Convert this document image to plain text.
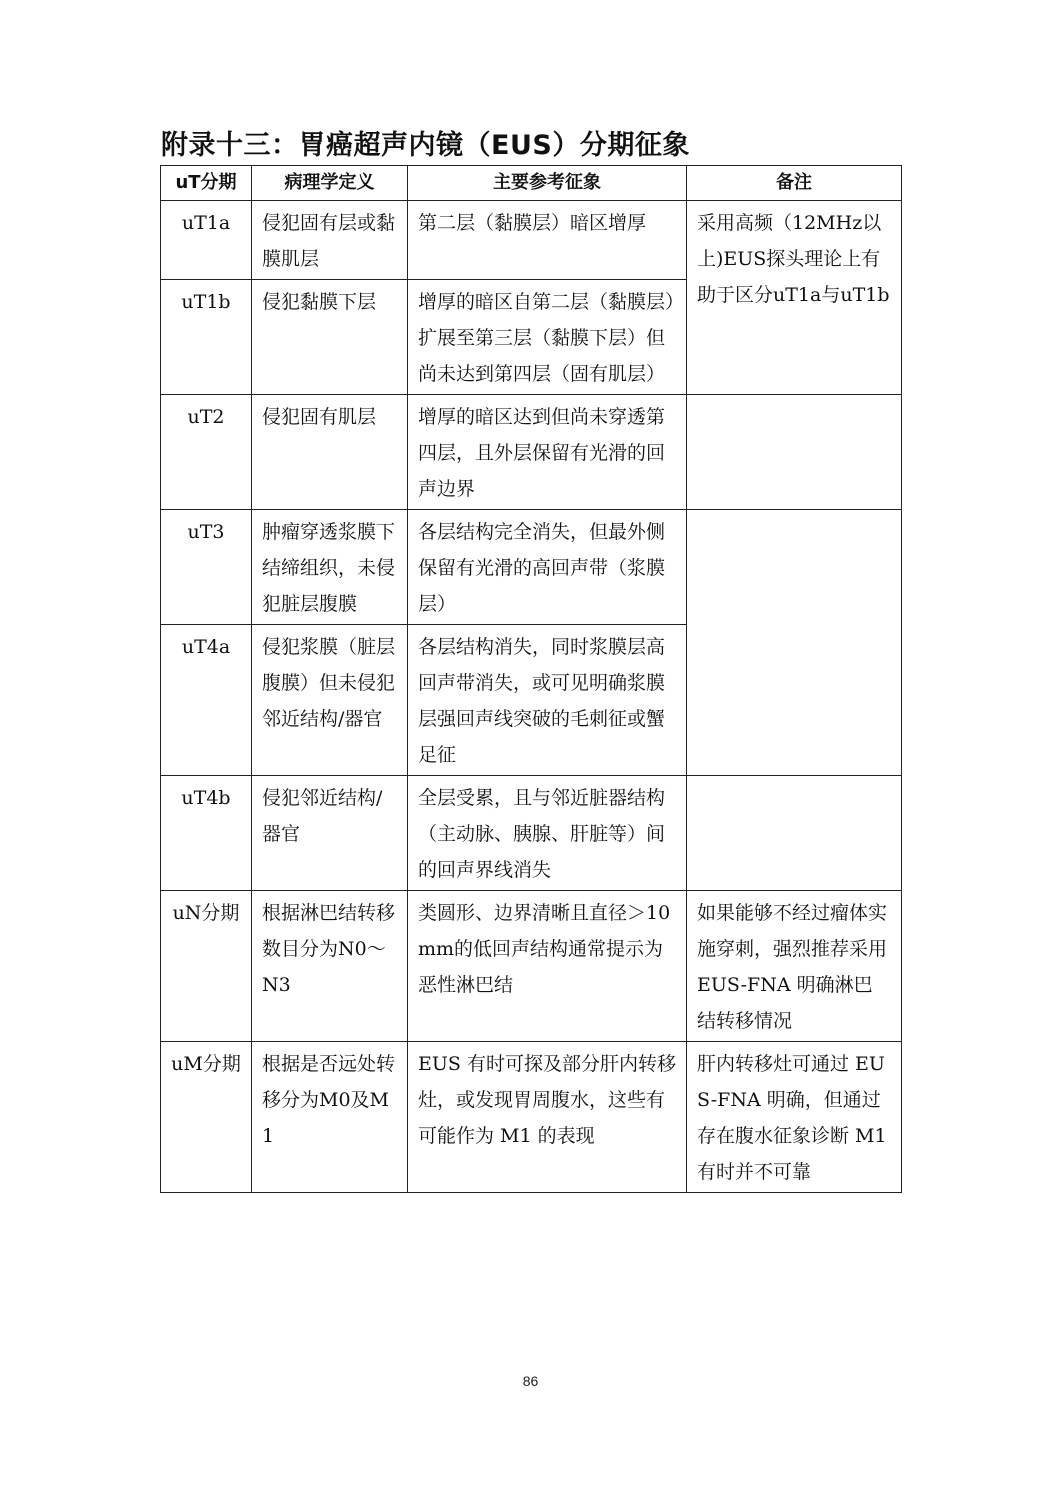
附录十三：胃癌超声内镜（EUS）分期征象
uT分期	病理学定义	主要参考征象	备注
uT1a	侵犯固有层或黏膜肌层	第二层（黏膜层）暗区增厚	采用高频（12MHz以上)EUS探头理论上有助于区分uT1a与uT1b
uT1b	侵犯黏膜下层	增厚的暗区自第二层（黏膜层）扩展至第三层（黏膜下层）但尚未达到第四层（固有肌层）	
uT2	侵犯固有肌层	增厚的暗区达到但尚未穿透第四层，且外层保留有光滑的回声边界	
uT3	肿瘤穿透浆膜下结缔组织，未侵犯脏层腹膜	各层结构完全消失，但最外侧保留有光滑的高回声带（浆膜层）	
uT4a	侵犯浆膜（脏层腹膜）但未侵犯邻近结构/器官	各层结构消失，同时浆膜层高回声带消失，或可见明确浆膜层强回声线突破的毛刺征或蟹足征	
uT4b	侵犯邻近结构/器官	全层受累，且与邻近脏器结构（主动脉、胰腺、肝脏等）间的回声界线消失	
uN分期	根据淋巴结转移数目分为N0～N3	类圆形、边界清晰且直径＞10mm的低回声结构通常提示为恶性淋巴结	如果能够不经过瘤体实施穿刺，强烈推荐采用 EUS-FNA 明确淋巴结转移情况
uM分期	根据是否远处转移分为M0及M1	EUS 有时可探及部分肝内转移灶，或发现胃周腹水，这些有可能作为 M1 的表现	肝内转移灶可通过 EUS-FNA 明确，但通过存在腹水征象诊断 M1 有时并不可靠
86
